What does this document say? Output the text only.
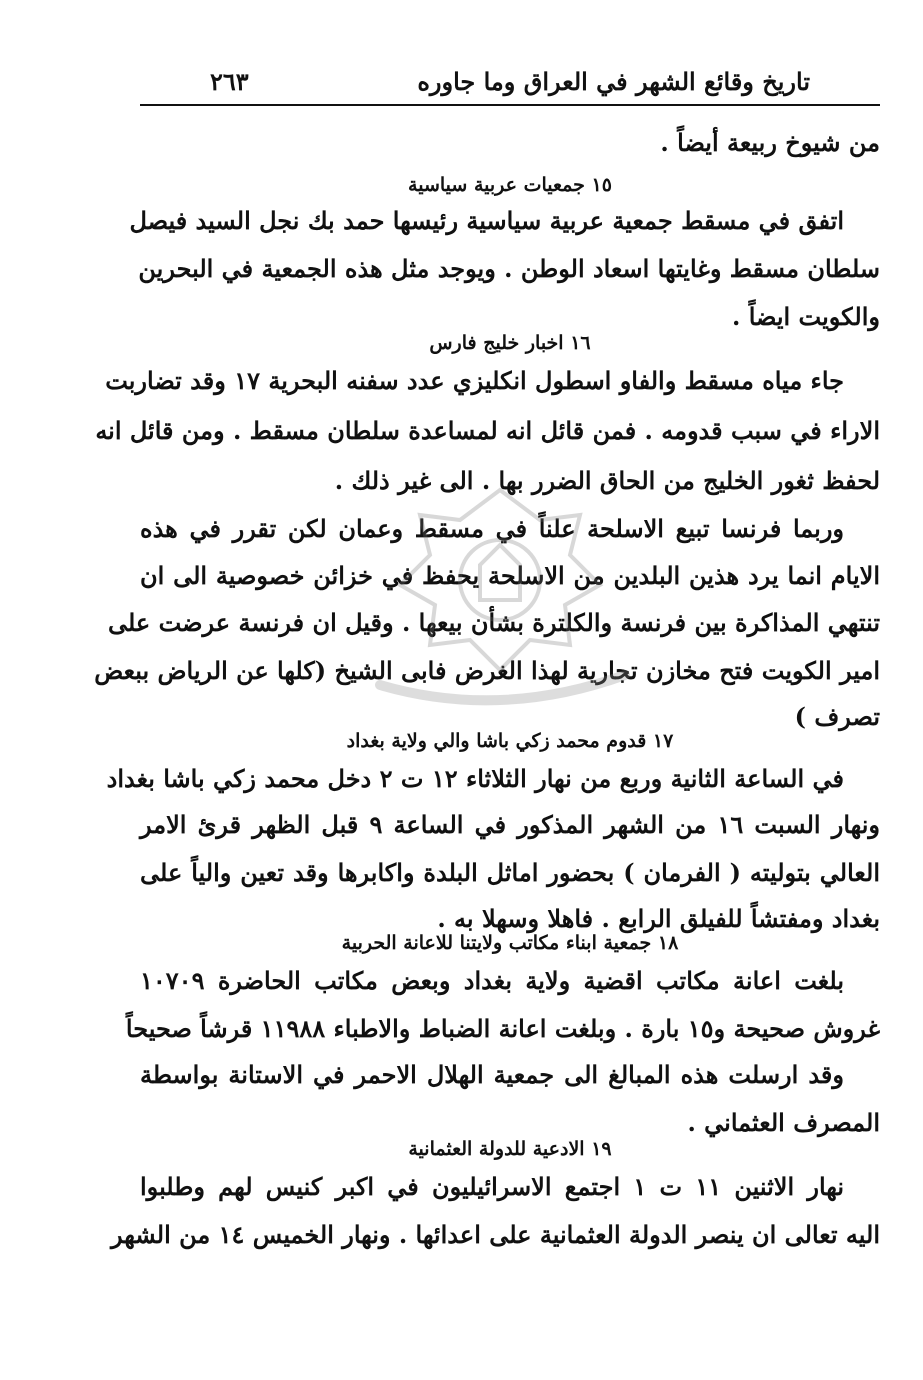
تاريخ وقائع الشهر في العراق وما جاوره
٢٦٣
من شيوخ ربيعة أيضاً .
١٥ جمعيات عربية سياسية
اتفق في مسقط جمعية عربية سياسية رئيسها حمد بك نجل السيد فيصل
سلطان مسقط وغايتها اسعاد الوطن . ويوجد مثل هذه الجمعية في البحرين
والكويت ايضاً .
١٦ اخبار خليج فارس
جاء مياه مسقط والفاو اسطول انكليزي عدد سفنه البحرية ١٧ وقد تضاربت
الاراء في سبب قدومه . فمن قائل انه لمساعدة سلطان مسقط . ومن قائل انه
لحفظ ثغور الخليج من الحاق الضرر بها . الى غير ذلك .
وربما فرنسا تبيع الاسلحة علناً في مسقط وعمان لكن تقرر في هذه
الايام انما يرد هذين البلدين من الاسلحة يحفظ في خزائن خصوصية الى ان
تنتهي المذاكرة بين فرنسة والكلترة بشأن بيعها . وقيل ان فرنسة عرضت على
امير الكويت فتح مخازن تجارية لهذا الغرض فابى الشيخ (كلها عن الرياض ببعض
تصرف )
١٧ قدوم محمد زكي باشا والي ولاية بغداد
في الساعة الثانية وربع من نهار الثلاثاء ١٢ ت ٢ دخل محمد زكي باشا بغداد
ونهار السبت ١٦ من الشهر المذكور في الساعة ٩ قبل الظهر قرئ الامر
العالي بتوليته ( الفرمان ) بحضور اماثل البلدة واكابرها وقد تعين والياً على
بغداد ومفتشاً للفيلق الرابع . فاهلا وسهلا به .
١٨ جمعية ابناء مكاتب ولايتنا للاعانة الحربية
بلغت اعانة مكاتب اقضية ولاية بغداد وبعض مكاتب الحاضرة ١٠٧٠٩
غروش صحيحة و١٥ بارة . وبلغت اعانة الضباط والاطباء ١١٩٨٨ قرشاً صحيحاً
وقد ارسلت هذه المبالغ الى جمعية الهلال الاحمر في الاستانة بواسطة
المصرف العثماني .
١٩ الادعية للدولة العثمانية
نهار الاثنين ١١ ت ١ اجتمع الاسرائيليون في اكبر كنيس لهم وطلبوا
اليه تعالى ان ينصر الدولة العثمانية على اعدائها . ونهار الخميس ١٤ من الشهر
